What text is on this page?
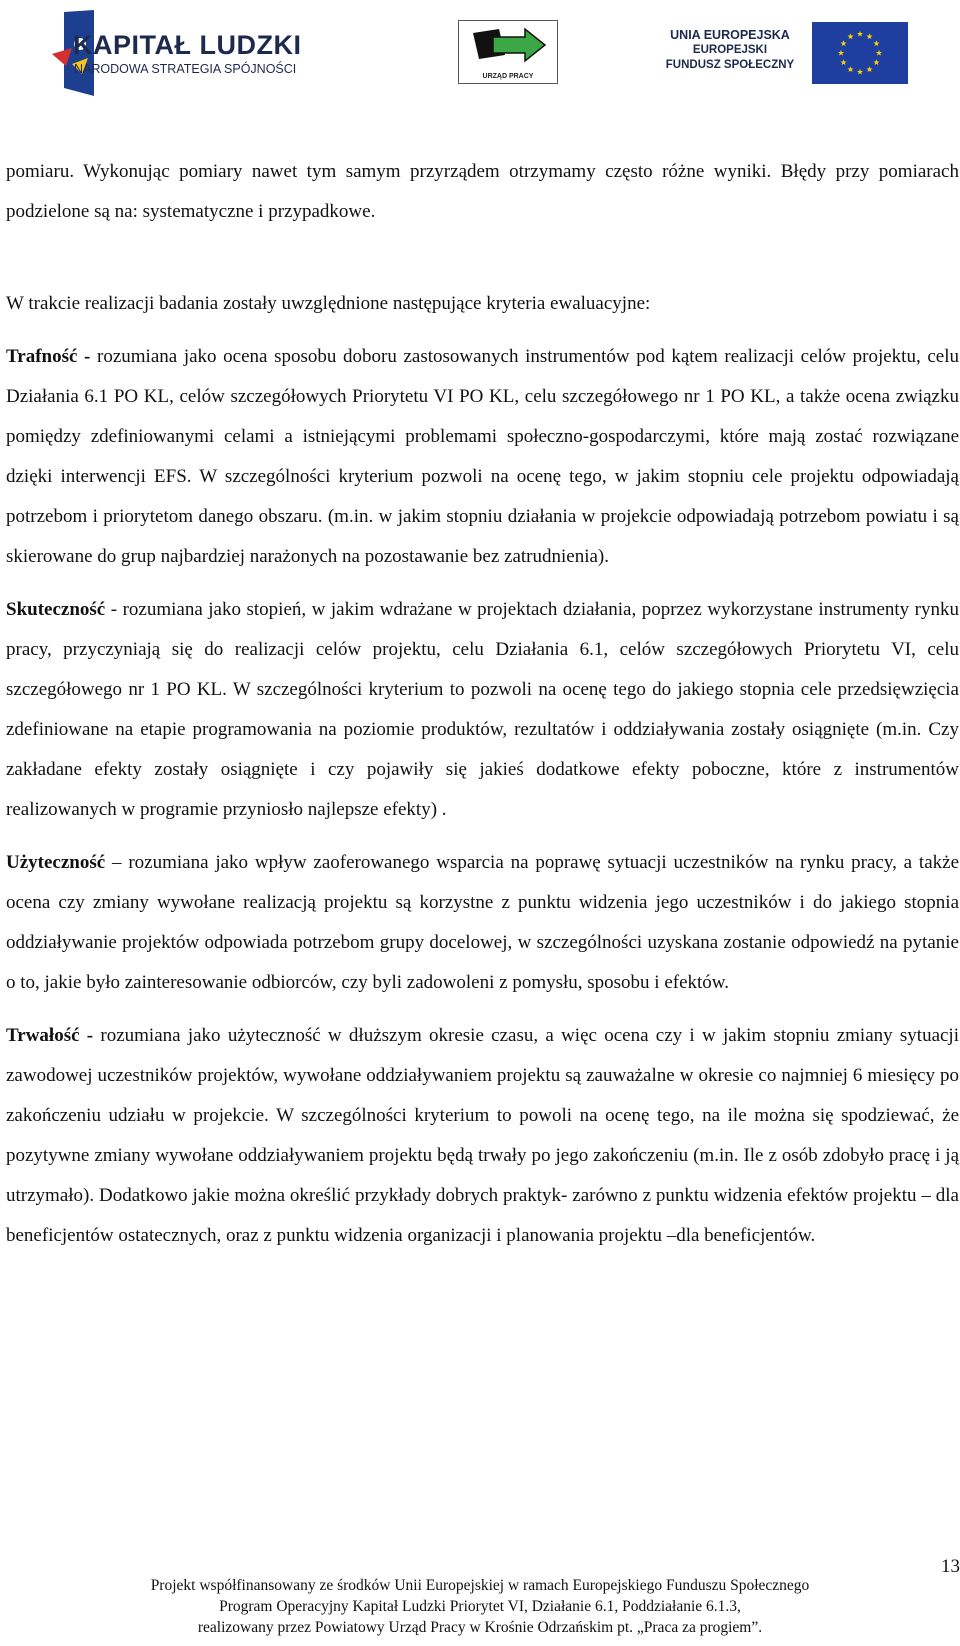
KAPITAŁ LUDZKI
NARODOWA STRATEGIA SPÓJNOŚCI
URZĄD PRACY
UNIA EUROPEJSKA
EUROPEJSKI
FUNDUSZ SPOŁECZNY

pomiaru. Wykonując pomiary nawet tym samym przyrządem otrzymamy często różne wyniki. Błędy przy pomiarach podzielone są na: systematyczne i przypadkowe.

W trakcie realizacji badania zostały uwzględnione następujące kryteria ewaluacyjne:

Trafność - rozumiana jako ocena sposobu doboru zastosowanych instrumentów pod kątem realizacji celów projektu, celu Działania 6.1 PO KL, celów szczegółowych Priorytetu VI PO KL, celu szczegółowego nr 1 PO KL, a także ocena związku pomiędzy zdefiniowanymi celami a istniejącymi problemami społeczno-gospodarczymi, które mają zostać rozwiązane dzięki interwencji EFS. W szczególności kryterium pozwoli na ocenę tego, w jakim stopniu cele projektu odpowiadają potrzebom i priorytetom danego obszaru. (m.in. w jakim stopniu działania w projekcie odpowiadają potrzebom powiatu i są skierowane do grup najbardziej narażonych na pozostawanie bez zatrudnienia).

Skuteczność - rozumiana jako stopień, w jakim wdrażane w projektach działania, poprzez wykorzystane instrumenty rynku pracy, przyczyniają się do realizacji celów projektu, celu Działania 6.1, celów szczegółowych Priorytetu VI, celu szczegółowego nr 1 PO KL. W szczególności kryterium to pozwoli na ocenę tego do jakiego stopnia cele przedsięwzięcia zdefiniowane na etapie programowania na poziomie produktów, rezultatów i oddziaływania zostały osiągnięte (m.in. Czy zakładane efekty zostały osiągnięte i czy pojawiły się jakieś dodatkowe efekty poboczne, które z instrumentów realizowanych w programie przyniosło najlepsze efekty) .

Użyteczność – rozumiana jako wpływ zaoferowanego wsparcia na poprawę sytuacji uczestników na rynku pracy, a także ocena czy zmiany wywołane realizacją projektu są korzystne z punktu widzenia jego uczestników i do jakiego stopnia oddziaływanie projektów odpowiada potrzebom grupy docelowej, w szczególności uzyskana zostanie odpowiedź na pytanie o to, jakie było zainteresowanie odbiorców, czy byli zadowoleni z pomysłu, sposobu i efektów.

Trwałość - rozumiana jako użyteczność w dłuższym okresie czasu, a więc ocena czy i w jakim stopniu zmiany sytuacji zawodowej uczestników projektów, wywołane oddziaływaniem projektu są zauważalne w okresie co najmniej 6 miesięcy po zakończeniu udziału w projekcie. W szczególności kryterium to powoli na ocenę tego, na ile można się spodziewać, że pozytywne zmiany wywołane oddziaływaniem projektu będą trwały po jego zakończeniu (m.in. Ile z osób zdobyło pracę i ją utrzymało). Dodatkowo jakie można określić przykłady dobrych praktyk- zarówno z punktu widzenia efektów projektu – dla beneficjentów ostatecznych, oraz z punktu widzenia organizacji i planowania projektu –dla beneficjentów.

13
Projekt współfinansowany ze środków Unii Europejskiej w ramach Europejskiego Funduszu Społecznego
Program Operacyjny Kapitał Ludzki Priorytet VI, Działanie 6.1, Poddziałanie 6.1.3,
realizowany przez Powiatowy Urząd Pracy w Krośnie Odrzańskim pt. „Praca za progiem”.
